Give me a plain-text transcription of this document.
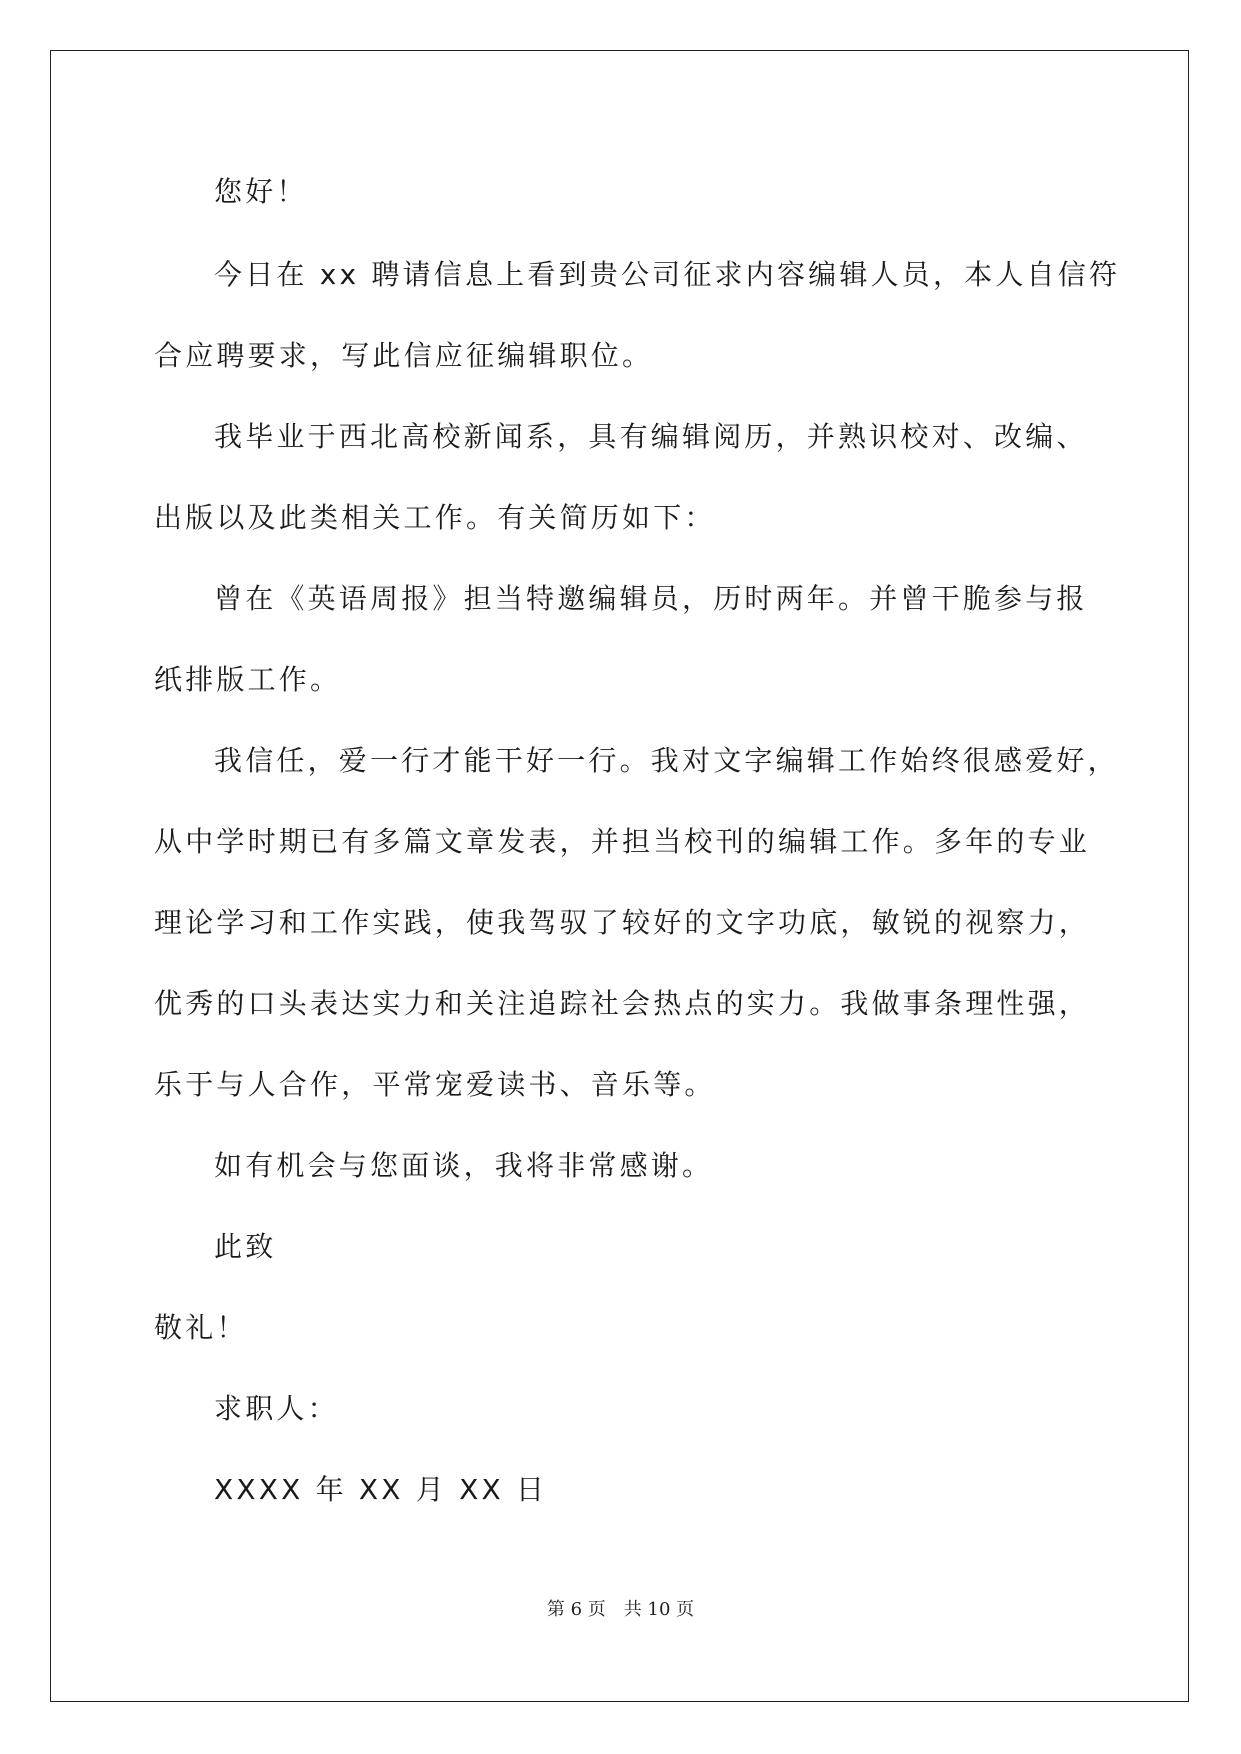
您好！
今日在 xx 聘请信息上看到贵公司征求内容编辑人员，本人自信符
合应聘要求，写此信应征编辑职位。
我毕业于西北高校新闻系，具有编辑阅历，并熟识校对、改编、
出版以及此类相关工作。有关简历如下：
曾在《英语周报》担当特邀编辑员，历时两年。并曾干脆参与报
纸排版工作。
我信任，爱一行才能干好一行。我对文字编辑工作始终很感爱好，
从中学时期已有多篇文章发表，并担当校刊的编辑工作。多年的专业
理论学习和工作实践，使我驾驭了较好的文字功底，敏锐的视察力，
优秀的口头表达实力和关注追踪社会热点的实力。我做事条理性强，
乐于与人合作，平常宠爱读书、音乐等。
如有机会与您面谈，我将非常感谢。
此致
敬礼！
求职人：
XXXX 年 XX 月 XX 日
第 6 页 共 10 页
